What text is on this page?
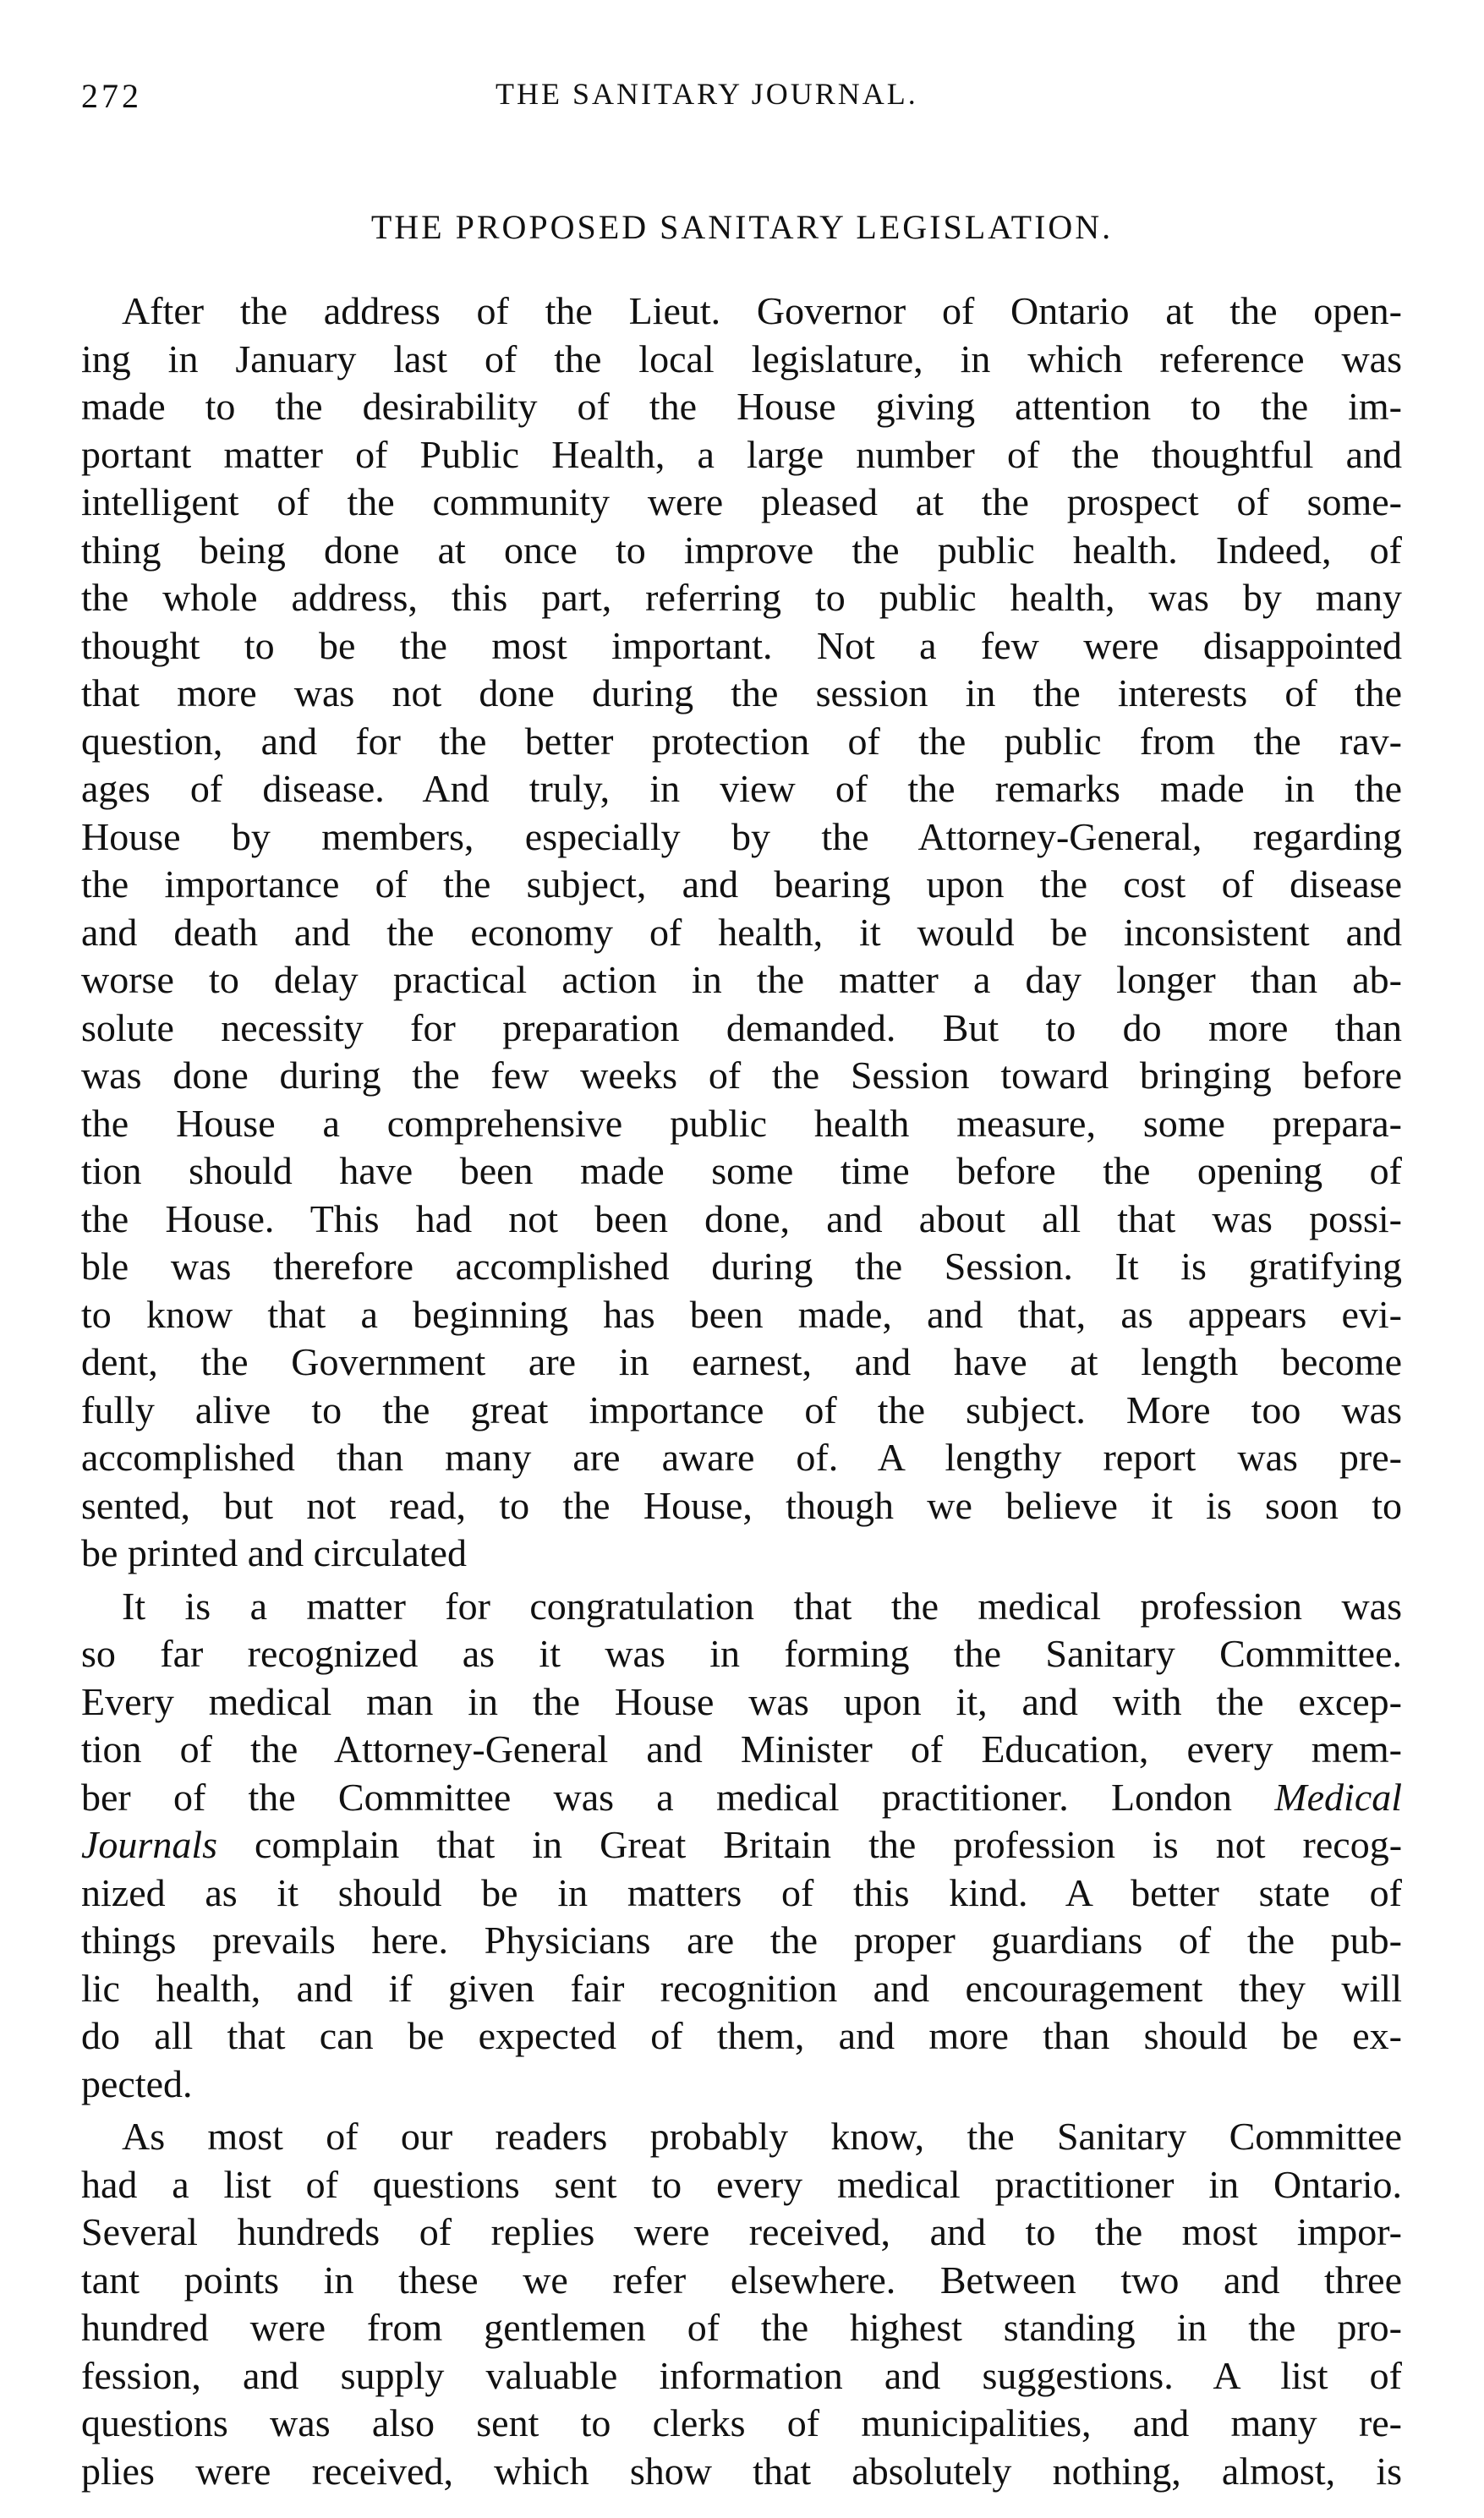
272	THE SANITARY JOURNAL.
THE PROPOSED SANITARY LEGISLATION.
After the address of the Lieut. Governor of Ontario at the open-
ing in January last of the local legislature, in which reference was
made to the desirability of the House giving attention to the im-
portant matter of Public Health, a large number of the thoughtful and
intelligent of the community were pleased at the prospect of some-
thing being done at once to improve the public health. Indeed, of
the whole address, this part, referring to public health, was by many
thought to be the most important. Not a few were disappointed
that more was not done during the session in the interests of the
question, and for the better protection of the public from the rav-
ages of disease. And truly, in view of the remarks made in the
House by members, especially by the Attorney-General, regarding
the importance of the subject, and bearing upon the cost of disease
and death and the economy of health, it would be inconsistent and
worse to delay practical action in the matter a day longer than ab-
solute necessity for preparation demanded. But to do more than
was done during the few weeks of the Session toward bringing before
the House a comprehensive public health measure, some prepara-
tion should have been made some time before the opening of
the House. This had not been done, and about all that was possi-
ble was therefore accomplished during the Session. It is gratifying
to know that a beginning has been made, and that, as appears evi-
dent, the Government are in earnest, and have at length become
fully alive to the great importance of the subject. More too was
accomplished than many are aware of. A lengthy report was pre-
sented, but not read, to the House, though we believe it is soon to
be printed and circulated
It is a matter for congratulation that the medical profession was
so far recognized as it was in forming the Sanitary Committee.
Every medical man in the House was upon it, and with the excep-
tion of the Attorney-General and Minister of Education, every mem-
ber of the Committee was a medical practitioner. London Medical
Journals complain that in Great Britain the profession is not recog-
nized as it should be in matters of this kind. A better state of
things prevails here. Physicians are the proper guardians of the pub-
lic health, and if given fair recognition and encouragement they will
do all that can be expected of them, and more than should be ex-
pected.
As most of our readers probably know, the Sanitary Committee
had a list of questions sent to every medical practitioner in Ontario.
Several hundreds of replies were received, and to the most impor-
tant points in these we refer elsewhere. Between two and three
hundred were from gentlemen of the highest standing in the pro-
fession, and supply valuable information and suggestions. A list of
questions was also sent to clerks of municipalities, and many re-
plies were received, which show that absolutely nothing, almost, is
